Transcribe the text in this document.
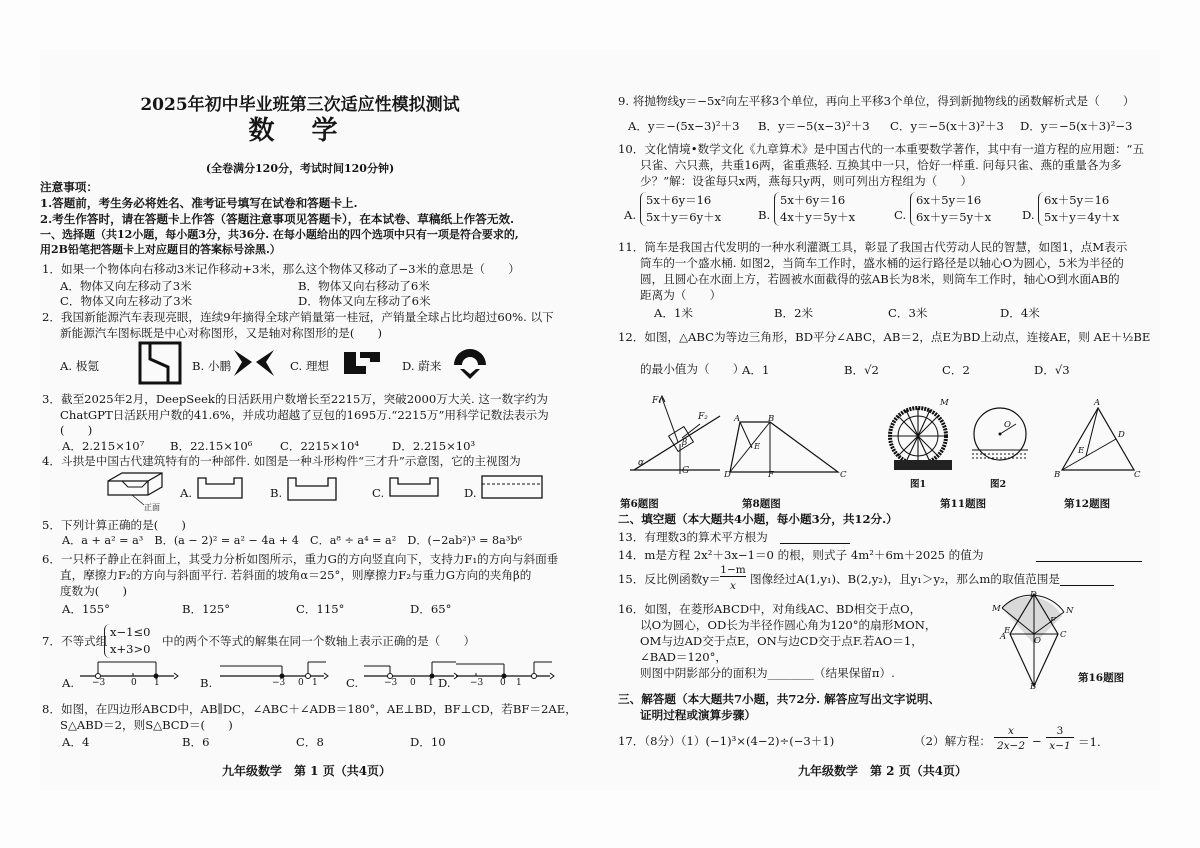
2025年初中毕业班第三次适应性模拟测试
数 学
(全卷满分120分，考试时间120分钟)
注意事项：
1.答题前，考生务必将姓名、准考证号填写在试卷和答题卡上.
2.考生作答时，请在答题卡上作答（答题注意事项见答题卡），在本试卷、草稿纸上作答无效.
一、选择题（共12小题，每小题3分，共36分. 在每小题给出的四个选项中只有一项是符合要求的,
用2B铅笔把答题卡上对应题目的答案标号涂黑.）
1．如果一个物体向右移动3米记作移动+3米，那么这个物体又移动了−3米的意思是（　　）
A．物体又向左移动了3米	B．物体又向右移动了6米
C．物体又向左移动了3米	D．物体又向左移动了6米
2．我国新能源汽车表现亮眼，连续9年摘得全球产销量第一桂冠，产销量全球占比均超过60%. 以下
新能源汽车图标既是中心对称图形，又是轴对称图形的是(　　)
A. 极氪	B. 小鹏	C. 理想	D. 蔚来
3．截至2025年2月，DeepSeek的日活跃用户数增长至2215万，突破2000万大关. 这一数字约为
ChatGPT日活跃用户数的41.6%，并成功超越了豆包的1695万.“2215万”用科学记数法表示为
(　　)
A．2.215×10⁷ B．22.15×10⁶ C．2215×10⁴	D．2.215×10³
4．斗拱是中国古代建筑特有的一种部件. 如图是一种斗形构件“三才升”示意图，它的主视图为
正面
A.	B.	C.	D.
5．下列计算正确的是(　　)
A．a + a² = a³　B．(a − 2)² = a² − 4a + 4　C．a⁸ ÷ a⁴ = a²　D．(−2ab²)³ = 8a³b⁶
6．一只杯子静止在斜面上，其受力分析如图所示，重力G的方向竖直向下，支持力F₁的方向与斜面垂
直，摩擦力F₂的方向与斜面平行. 若斜面的坡角α＝25°，则摩擦力F₂与重力G方向的夹角β的
度数为(　　)
A．155°	B．125°	C．115°	D．65°
7．不等式组
x−1≤0
x+3>0
中的两个不等式的解集在同一个数轴上表示正确的是（　　）
A. −3	0 1	B.	−3 0 1 C.	−3 0 1 D. −3 0 1
8．如图，在四边形ABCD中，AB∥DC，∠ABC＋∠ADB＝180°，AE⊥BD，BF⊥CD，若BF＝2AE，
S△ABD＝2，则S△BCD＝(　　)
A．4	B．6	C．8	D．10
九年级数学　第 1 页（共4页）
9. 将抛物线y＝−5x²向左平移3个单位，再向上平移3个单位，得到新抛物线的函数解析式是（　　）
A．y＝−(5x−3)²＋3 B．y＝−5(x−3)²＋3 C．y＝−5(x＋3)²＋3 D．y＝−5(x＋3)²−3
10．文化情境•数学文化《九章算术》是中国古代的一本重要数学著作，其中有一道方程的应用题：“五
只雀、六只燕，共重16两，雀重燕轻. 互换其中一只，恰好一样重. 问每只雀、燕的重量各为多
少？”解：设雀每只x两，燕每只y两，则可列出方程组为（　　）
A.
5x＋6y＝16
5x＋y＝6y＋x	B.
5x＋6y＝16
4x＋y＝5y＋x	C.
6x＋5y＝16
6x＋y＝5y＋x	D.
6x＋5y＝16
5x＋y＝4y＋x
11．筒车是我国古代发明的一种水利灌溉工具，彰显了我国古代劳动人民的智慧，如图1，点M表示
筒车的一个盛水桶. 如图2，当筒车工作时，盛水桶的运行路径是以轴心O为圆心，5米为半径的
圆，且圆心在水面上方，若圆被水面截得的弦AB长为8米，则筒车工作时，轴心O到水面AB的
距离为（　　）
A．1米	B．2米	C．3米	D．4米
12．如图，△ABC为等边三角形，BD平分∠ABC，AB＝2，点E为BD上动点，连接AE，则 AE＋½BE
的最小值为（　　）
A．1	B．√2	C．2	D．√3
F₁
F₂
G
α
β
A	B
C
D
E
F
M
O
A
B	C
D
E
第6题图	第8题图
图1	图2
第11题图	第12题图
二、填空题（本大题共4小题，每小题3分，共12分.）
13．有理数3的算术平方根为
14．m是方程 2x²＋3x−1＝0 的根，则式子 4m²＋6m＋2025 的值为
15．反比例函数y＝
1−m
x	图像经过A(1,y₁)、B(2,y₂)，且y₁＞y₂，那么m的取值范围是
16．如图，在菱形ABCD中，对角线AC、BD相交于点O，
以O为圆心，OD长为半径作圆心角为120°的扇形MON，
OM与边AD交于点E，ON与边CD交于点F.若AO＝1，
∠BAD＝120°，
则图中阴影部分的面积为________（结果保留π）.
D
M	N
E
F
A	O
C
B
第16题图
三、解答题（本大题共7小题，共72分. 解答应写出文字说明、
证明过程或演算步骤）
17．（8分）（1）(−1)³×(4−2)÷(−3＋1)	（2）解方程：
x
2x−2 −
3
x−1 ＝1.
九年级数学　第 2 页（共4页）
